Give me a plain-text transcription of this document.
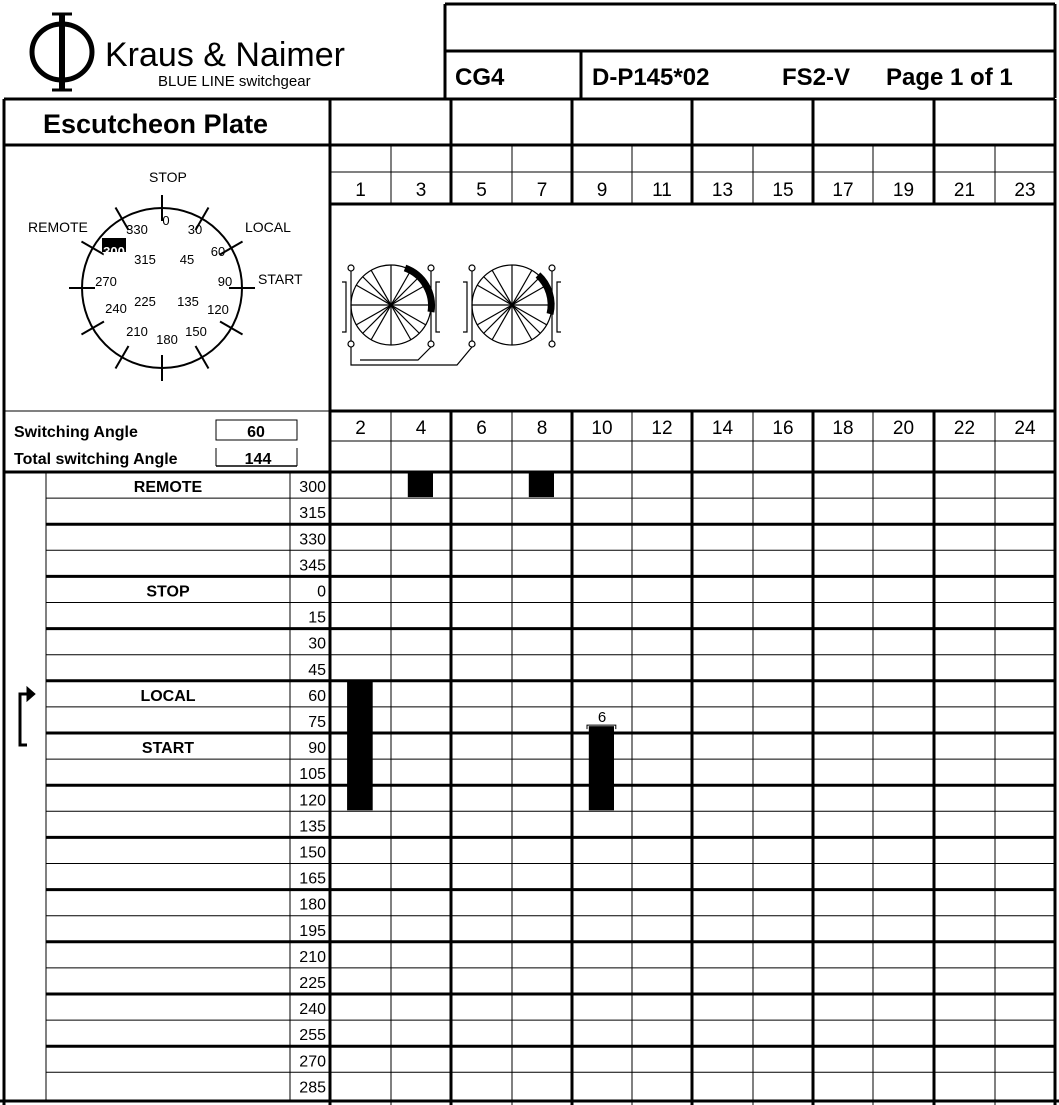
Kraus & Naimer
BLUE LINE switchgear	CG4	D-P145*02	FS2-V Page 1 of 1
Escutcheon Plate
0
30
60
90
120
150
180
210
240
270
300
315
330
45
135
225
STOP
REMOTE	LOCAL
START
Switching Angle	60
Total switching Angle	144
1	3	5	7	9 11 13 15 17 19 21 23
2	4	6	8 10 12 14 16 18 20 22 24
REMOTE	300
315
330
345
STOP	0
15
30
45
LOCAL	60
75
START	90
105
120
135
150
165
180
195
210
225
240
255
270
285
6
